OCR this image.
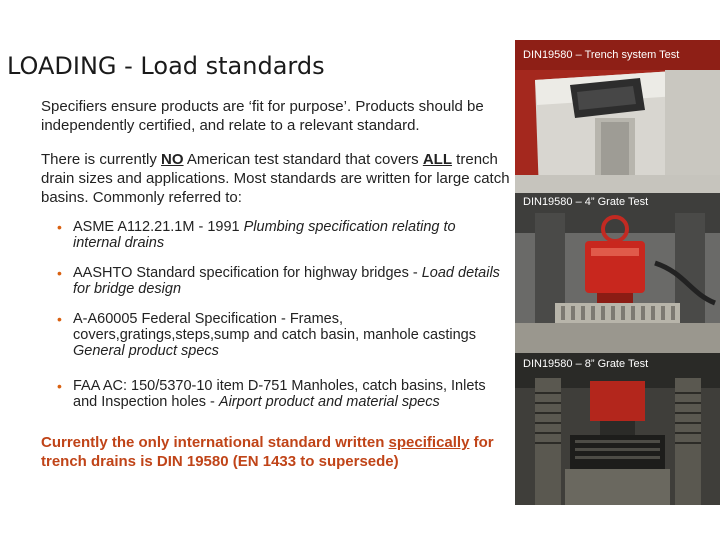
LOADING - Load standards
Specifiers ensure products are ‘fit for purpose’. Products should be independently certified, and relate to a relevant standard.
There is currently NO American test standard that covers ALL trench drain sizes and applications. Most standards are written for large catch basins. Commonly referred to:
• ASME A112.21.1M - 1991 Plumbing specification relating to internal drains
• AASHTO Standard specification for highway bridges - Load details for bridge design
• A-A60005 Federal Specification - Frames, covers,gratings,steps,sump and catch basin, manhole castings General product specs
• FAA AC: 150/5370-10 item D-751 Manholes, catch basins, Inlets and Inspection holes - Airport product and material specs
Currently the only international standard written specifically for trench drains is DIN 19580 (EN 1433 to supersede)
DIN19580 – Trench system Test
DIN19580 – 4” Grate Test
DIN19580 – 8” Grate Test
